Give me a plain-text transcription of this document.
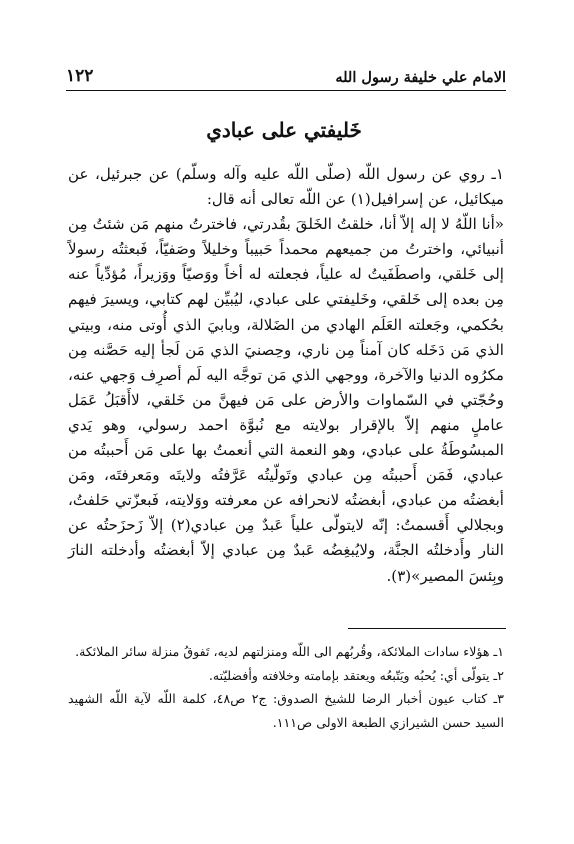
الامام علي خليفة رسول الله
١٢٢
خَليفتي على عبادي

١ـ روي عن رسول اللّه (صلّى اللّه عليه وآله وسلّم) عن جبرئيل، عن ميكائيل، عن إسرافيل(١) عن اللّه تعالى أنه قال:

«أنا اللّهُ لا إله إلاّ أنا، خلقتُ الخَلقَ بقُدرتي، فاخترتُ منهم مَن شئتُ مِن أنبيائي، واخترتُ من جميعهم محمداً حَبيباً وخليلاً وصَفيّاً، فَبعثتُه رسولاً إلى خَلقي، واصطَفَيتُ له علياً، فجعلته له أخاً ووَصيّاً ووَزيراً، مُؤدِّياً عنه مِن بعده إلى خَلقي، وخَليفتي على عبادي، ليُبيِّن لهم كتابي، ويسيرَ فيهم بحُكمي، وجَعلته العَلَم الهادي من الضَلالة، وبابيَ الذي أُوتى منه، وبيتي الذي مَن دَخَله كان آمناً مِن ناري، وحِصنيَ الذي مَن لَجأ إليه حَصَّنه مِن مكرُوه الدنيا والآخرة، ووجهي الذي مَن توجَّه اليه لَم أصرِف وَجهي عنه، وحُجّتي في السّماوات والأرض على مَن فيهنَّ من خَلقي، لاأَقبَلُ عَمَل عاملٍ منهم إلاّ بالإقرار بولايته مع نُبوَّة احمد رسولي، وهو يَدي المبسُوطَةُ على عبادي، وهو النعمة التي أنعمتُ بها على مَن أَحببتُه من عبادي، فَمَن أَحببتُه مِن عبادي وتَولّيتُه عَرَّفتُه ولايتَه ومَعرفتَه، ومَن أبغضتُه من عبادي، أبغضتُه لانحرافه عن معرفته ووَلايته، فَبعزّتي حَلفتُ، وبجلالي أَقسمتُ: إنّه لايتولّى علياً عَبدٌ مِن عبادي(٢) إلاّ زَحزَحتُه عن النار وأَدخلتُه الجنَّة، ولايُبغِضُه عَبدٌ مِن عبادي إلاّ أبغضتُه وأدخلته النارَ وبِئسَ المصير»(٣).

١ـ هؤلاء سادات الملائكة، وقُربُهم الى اللّه ومنزلتهم لديه، تَفوقُ منزلة سائر الملائكة.

٢ـ يتولّى أي: يُحبُه ويَتّبعُه ويعتقد بإمامته وخلافته وأفضليّته.

٣ـ كتاب عيون أخبار الرضا للشيخ الصدوق: ج٢ ص٤٨، كلمة اللّه لآية اللّه الشهيد السيد حسن الشيرازي الطبعة الاولى ص١١١.
